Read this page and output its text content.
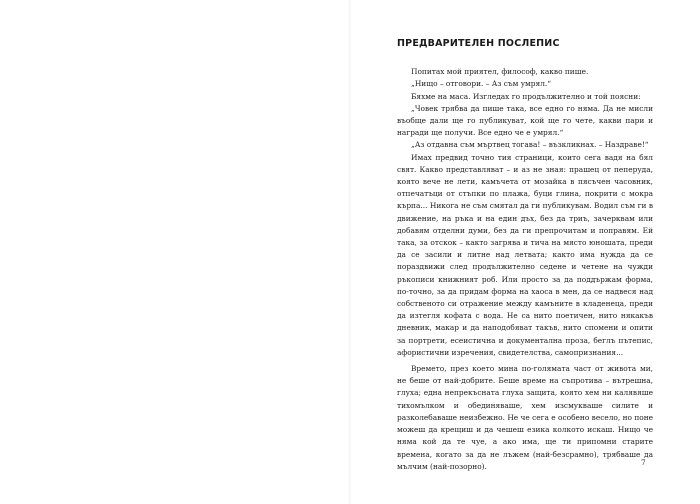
ПРЕДВАРИТЕЛЕН ПОСЛЕПИС

Попитах мой приятел, философ, какво пише.

„Нищо – отговори. – Аз съм умрял.“

Бяхме на маса. Изгледах го продължително и той поясни:

„Човек трябва да пише така, все едно го няма. Да не мисли въобще дали ще го публикуват, кой ще го чете, какви пари и награди ще получи. Все едно че е умрял.“

„Аз отдавна съм мъртвец тогава! – възкликнах. – Наздраве!“

Имах предвид точно тия страници, които сега вадя на бял свят. Какво представляват – и аз не зная: прашец от пеперуда, която вече не лети, камъчета от мозайка в пясъчен часовник, отпечатъци от стъпки по плажа, буци глина, покрити с мокра кърпа... Никога не съм смятал да ги публикувам. Водил съм ги в движение, на ръка и на един дъх, без да триъ, зачерквам или добавям отделни думи, без да ги препрочитам и поправям. Ей така, за отскок – както загрява и тича на място юношата, преди да се засили и литне над летвата; както има нужда да се пораздвижи след продължително седене и четене на чужди ръкописи книжният роб. Или просто за да поддържам форма, по-точно, за да придам форма на хаоса в мен, да се надвеся над собственото си отражение между камъните в кладенеца, преди да изтегля кофата с вода. Не са нито поетичен, нито някакъв дневник, макар и да наподобяват такъв, нито спомени и опити за портрети, есеистична и документална проза, беглъ пътепис, афористични изречения, свидетелства, самопризнания...

Времето, през което мина по-голямата част от живота ми, не беше от най-добрите. Беше време на съпротива – вътрешна, глуха; една непрекъсната глуха защита, която хем ни калявяше тихомълком и обединяваше, хем изсмукваше силите и разколебаваше неизбежно. Не че сега е особено весело, но поне можеш да крещиш и да чешеш езика колкото искаш. Нищо че няма кой да те чуе, а ако има, ще ти припомни старите времена, когато за да не лъжем (най-безсрамно), трябваше да мълчим (най-позорно).	7
